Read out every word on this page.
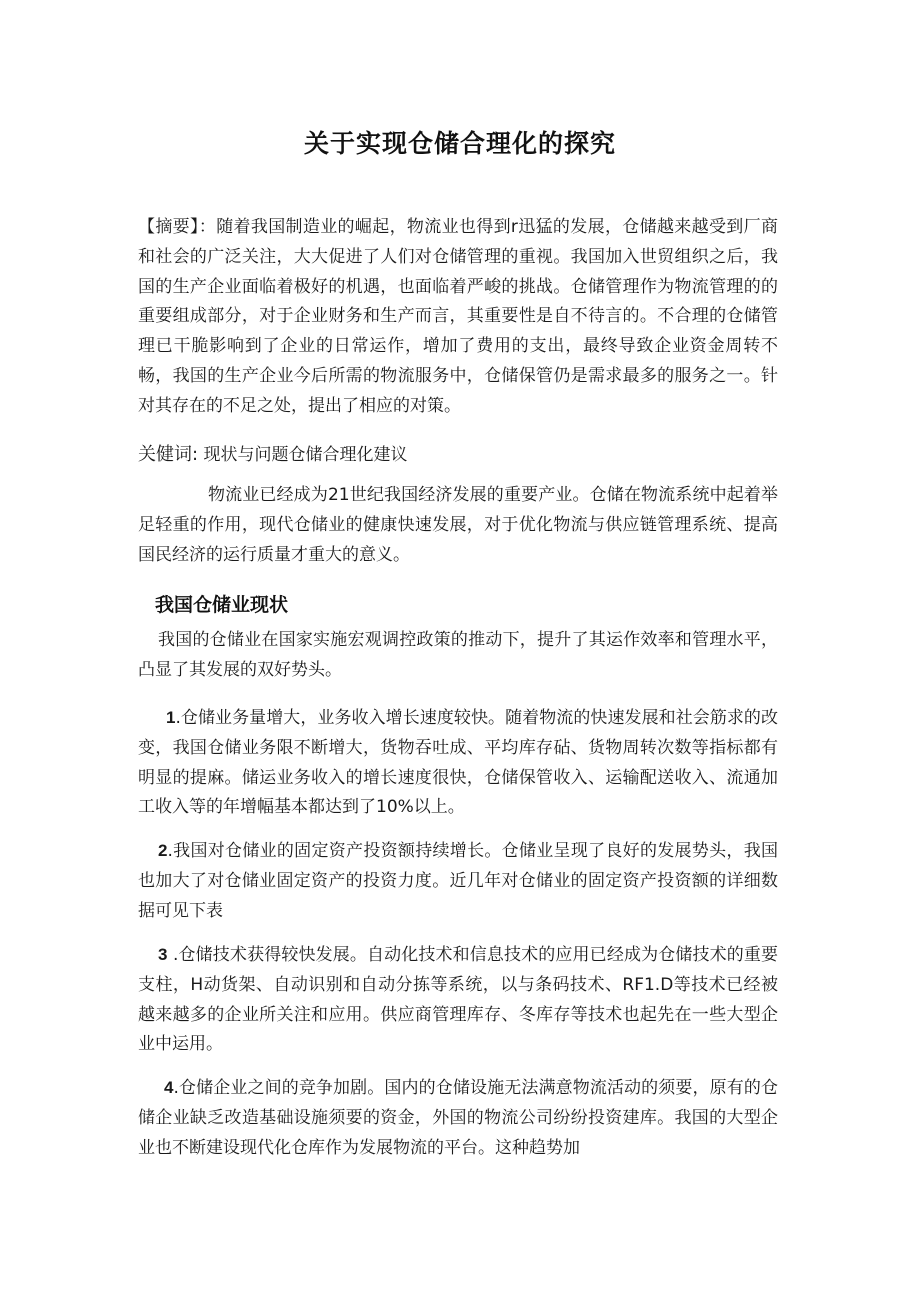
关于实现仓储合理化的探究
【摘要】：随着我国制造业的崛起，物流业也得到r迅猛的发展，仓储越来越受到厂商和社会的广泛关注，大大促进了人们对仓储管理的重视。我国加入世贸组织之后，我国的生产企业面临着极好的机遇，也面临着严峻的挑战。仓储管理作为物流管理的的重要组成部分，对于企业财务和生产而言，其重要性是自不待言的。不合理的仓储管理已干脆影响到了企业的日常运作，增加了费用的支出，最终导致企业资金周转不畅，我国的生产企业今后所需的物流服务中，仓储保管仍是需求最多的服务之一。针对其存在的不足之处，提出了相应的对策。
关健词: 现状与问题仓储合理化建议
物流业已经成为21世纪我国经济发展的重要产业。仓储在物流系统中起着举足轻重的作用，现代仓储业的健康快速发展，对于优化物流与供应链管理系统、提高国民经济的运行质量才重大的意义。
我国仓储业现状
我国的仓储业在国家实施宏观调控政策的推动下，提升了其运作效率和管理水平，凸显了其发展的双好势头。
1.仓储业务量增大，业务收入增长速度较快。随着物流的快速发展和社会筋求的改变，我国仓储业务限不断增大，货物吞吐成、平均库存砧、货物周转次数等指标都有明显的提麻。储运业务收入的增长速度很快，仓储保管收入、运输配送收入、流通加工收入等的年增幅基本都达到了10%以上。
2.我国对仓储业的固定资产投资额持续增长。仓储业呈现了良好的发展势头，我国也加大了对仓储业固定资产的投资力度。近几年对仓储业的固定资产投资额的详细数据可见下表
3 .仓储技术获得较快发展。自动化技术和信息技术的应用已经成为仓储技术的重要支柱，H动货架、自动识别和自动分拣等系统，以与条码技术、RF1.D等技术已经被越来越多的企业所关注和应用。供应商管理库存、冬库存等技术也起先在一些大型企业中运用。
4.仓储企业之间的竞争加剧。国内的仓储设施无法满意物流活动的须要，原有的仓储企业缺乏改造基础设施须要的资金，外国的物流公司纷纷投资建库。我国的大型企业也不断建设现代化仓库作为发展物流的平台。这种趋势加
